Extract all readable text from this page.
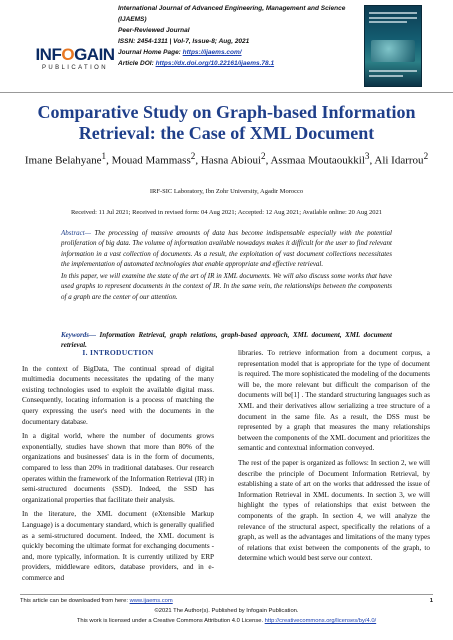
INFOGAIN
PUBLICATION
International Journal of Advanced Engineering, Management and Science
(IJAEMS)
Peer-Reviewed Journal
ISSN: 2454-1311 | Vol-7, Issue-8; Aug, 2021
Journal Home Page: https://ijaems.com/
Article DOI: https://dx.doi.org/10.22161/ijaems.78.1
Comparative Study on Graph-based Information Retrieval: the Case of XML Document
Imane Belahyane$^1$, Mouad Mammass$^2$, Hasna Abioui$^2$, Assmaa Moutaoukkil$^3$, Ali Idarrou$^2$
IRF-SIC Laboratory, Ibn Zohr University, Agadir Morocco
Received: 11 Jul 2021; Received in revised form: 04 Aug 2021; Accepted: 12 Aug 2021; Available online: 20 Aug 2021

Abstract— The processing of massive amounts of data has become indispensable especially with the potential proliferation of big data. The volume of information available nowadays makes it difficult for the user to find relevant information in a vast collection of documents. As a result, the exploitation of vast document collections necessitates the implementation of automated technologies that enable appropriate and effective retrieval.

In this paper, we will examine the state of the art of IR in XML documents. We will also discuss some works that have used graphs to represent documents in the context of IR. In the same vein, the relationships between the components of a graph are the center of our attention.

Keywords— Information Retrieval, graph relations, graph-based approach, XML document, XML document retrieval.
I. INTRODUCTION

In the context of BigData, The continual spread of digital multimedia documents necessitates the updating of the many existing technologies used to exploit the available digital mass. Consequently, locating information is a process of matching the query expressing the user's need with the documents in the documentary database.

In a digital world, where the number of documents grows exponentially, studies have shown that more than 80% of the organizations and businesses' data is in the form of documents, compared to less than 20% in traditional databases. Our research operates within the framework of the Information Retrieval (IR) in semi-structured documents (SSD). Indeed, the SSD has organizational properties that facilitate their analysis.

In the literature, the XML document (eXtensible Markup Language) is a documentary standard, which is generally qualified as a semi-structured document. Indeed, the XML document is quickly becoming the ultimate format for exchanging documents - and, more typically, information. It is currently utilized by ERP providers, middleware editors, database providers, and in e-commerce and

libraries. To retrieve information from a document corpus, a representation model that is appropriate for the type of document is required. The more sophisticated the modeling of the documents will be, the more relevant but difficult the comparison of the documents will be[1] . The standard structuring languages such as XML and their derivatives allow serializing a tree structure of a document in the same file. As a result, the DSS must be represented by a graph that measures the many relationships between the components of the XML document and prioritizes the semantic and contextual information conveyed.

The rest of the paper is organized as follows: In section 2, we will describe the principle of Document Information Retrieval, by establishing a state of art on the works that addressed the issue of Information Retrieval in XML documents. In section 3, we will highlight the types of relationships that exist between the components of the graph. In section 4, we will analyze the relevance of the structural aspect, specifically the relations of a graph, as well as the advantages and limitations of the many types of relations that exist between the components of the graph, to determine which would best serve our context.

This article can be downloaded from here: www.ijaems.com	1
©2021 The Author(s). Published by Infogain Publication.
This work is licensed under a Creative Commons Attribution 4.0 License. http://creativecommons.org/licenses/by/4.0/
